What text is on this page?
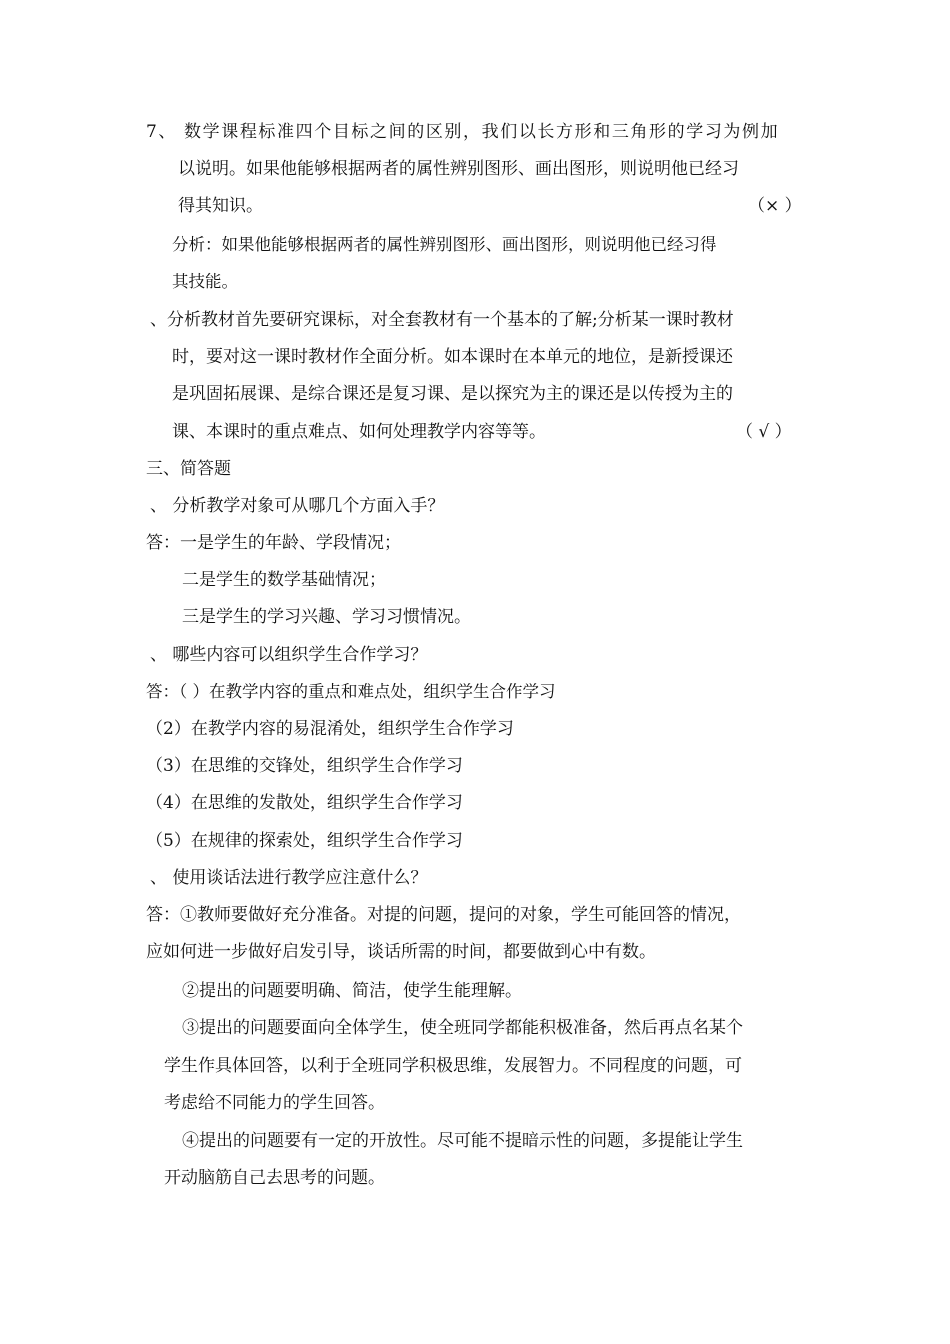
7、 数学课程标准四个目标之间的区别，我们以长方形和三角形的学习为例加
以说明。如果他能够根据两者的属性辨别图形、画出图形，则说明他已经习
得其知识。	（× ）
分析：如果他能够根据两者的属性辨别图形、画出图形，则说明他已经习得
其技能。
、分析教材首先要研究课标，对全套教材有一个基本的了解;分析某一课时教材
时，要对这一课时教材作全面分析。如本课时在本单元的地位，是新授课还
是巩固拓展课、是综合课还是复习课、是以探究为主的课还是以传授为主的
课、本课时的重点难点、如何处理教学内容等等。	（ √ ）
三、简答题
、 分析教学对象可从哪几个方面入手？
答：一是学生的年龄、学段情况；
二是学生的数学基础情况；
三是学生的学习兴趣、学习习惯情况。
、 哪些内容可以组织学生合作学习？
答：（ ）在教学内容的重点和难点处，组织学生合作学习
（2）在教学内容的易混淆处，组织学生合作学习
（3）在思维的交锋处，组织学生合作学习
（4）在思维的发散处，组织学生合作学习
（5）在规律的探索处，组织学生合作学习
、 使用谈话法进行教学应注意什么？
答：①教师要做好充分准备。对提的问题，提问的对象，学生可能回答的情况，
应如何进一步做好启发引导，谈话所需的时间，都要做到心中有数。
②提出的问题要明确、简洁，使学生能理解。
③提出的问题要面向全体学生，使全班同学都能积极准备，然后再点名某个
学生作具体回答，以利于全班同学积极思维，发展智力。不同程度的问题，可
考虑给不同能力的学生回答。
④提出的问题要有一定的开放性。尽可能不提暗示性的问题，多提能让学生
开动脑筋自己去思考的问题。
